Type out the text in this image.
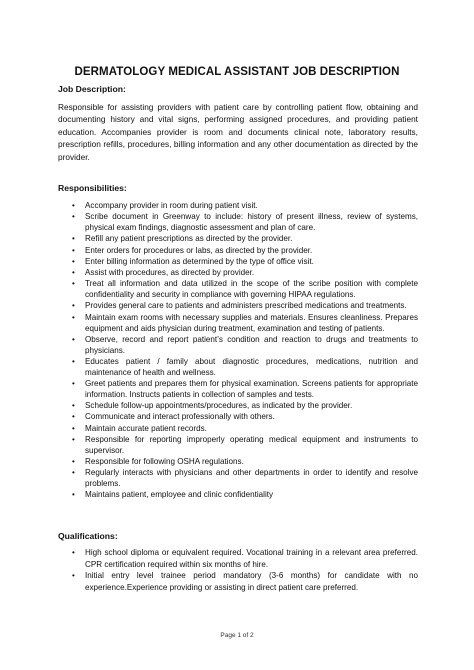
DERMATOLOGY MEDICAL ASSISTANT JOB DESCRIPTION
Job Description:
Responsible for assisting providers with patient care by controlling patient flow, obtaining and documenting history and vital signs, performing assigned procedures, and providing patient education. Accompanies provider is room and documents clinical note, laboratory results, prescription refills, procedures, billing information and any other documentation as directed by the provider.
Responsibilities:
• Accompany provider in room during patient visit.
• Scribe document in Greenway to include: history of present illness, review of systems, physical exam findings, diagnostic assessment and plan of care.
• Refill any patient prescriptions as directed by the provider.
• Enter orders for procedures or labs, as directed by the provider.
• Enter billing information as determined by the type of office visit.
• Assist with procedures, as directed by provider.
• Treat all information and data utilized in the scope of the scribe position with complete confidentiality and security in compliance with governing HIPAA regulations.
• Provides general care to patients and administers prescribed medications and treatments.
• Maintain exam rooms with necessary supplies and materials. Ensures cleanliness. Prepares equipment and aids physician during treatment, examination and testing of patients.
• Observe, record and report patient’s condition and reaction to drugs and treatments to physicians.
• Educates patient / family about diagnostic procedures, medications, nutrition and maintenance of health and wellness.
• Greet patients and prepares them for physical examination. Screens patients for appropriate information. Instructs patients in collection of samples and tests.
• Schedule follow-up appointments/procedures, as indicated by the provider.
• Communicate and interact professionally with others.
• Maintain accurate patient records.
• Responsible for reporting improperly operating medical equipment and instruments to supervisor.
• Responsible for following OSHA regulations.
• Regularly interacts with physicians and other departments in order to identify and resolve problems.
• Maintains patient, employee and clinic confidentiality
Qualifications:
• High school diploma or equivalent required. Vocational training in a relevant area preferred. CPR certification required within six months of hire.
• Initial entry level trainee period mandatory (3-6 months) for candidate with no experience.Experience providing or assisting in direct patient care preferred.
Page 1 of 2
